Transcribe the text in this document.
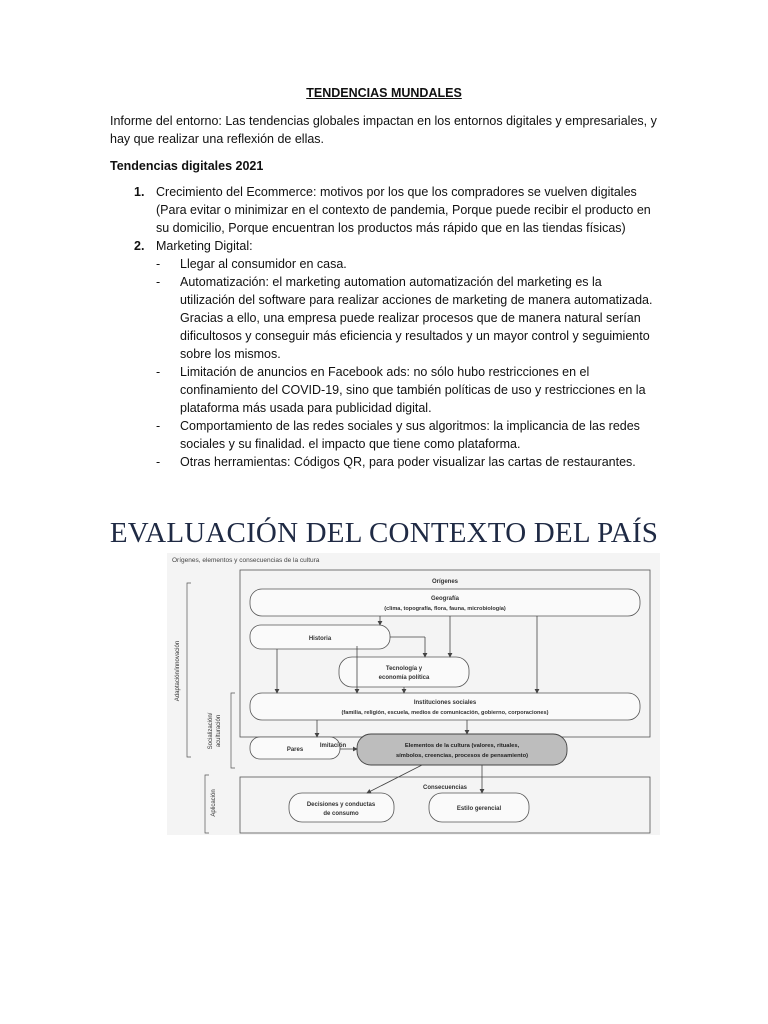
TENDENCIAS MUNDALES
Informe del entorno: Las tendencias globales impactan en los entornos digitales y empresariales, y hay que realizar una reflexión de ellas.
Tendencias digitales 2021
1. Crecimiento del Ecommerce: motivos por los que los compradores se vuelven digitales (Para evitar o minimizar en el contexto de pandemia, Porque puede recibir el producto en su domicilio, Porque encuentran los productos más rápido que en las tiendas físicas)
2. Marketing Digital:
- Llegar al consumidor en casa.
- Automatización: el marketing automation automatización del marketing es la utilización del software para realizar acciones de marketing de manera automatizada. Gracias a ello, una empresa puede realizar procesos que de manera natural serían dificultosos y conseguir más eficiencia y resultados y un mayor control y seguimiento sobre los mismos.
- Limitación de anuncios en Facebook ads: no sólo hubo restricciones en el confinamiento del COVID-19, sino que también políticas de uso y restricciones en la plataforma más usada para publicidad digital.
- Comportamiento de las redes sociales y sus algoritmos: la implicancia de las redes sociales y su finalidad. el impacto que tiene como plataforma.
- Otras herramientas: Códigos QR, para poder visualizar las cartas de restaurantes.
EVALUACIÓN DEL CONTEXTO DEL PAÍS
Orígenes, elementos y consecuencias de la cultura
Orígenes
Consecuencias
Adaptación/innovación
Socialización/ aculturación
Aplicación
Geografía
(clima, topografía, flora, fauna, microbiología)
Historia
Tecnología y
economía política
Instituciones sociales
(familia, religión, escuela, medios de comunicación, gobierno, corporaciones)
Pares
Imitación	Elementos de la cultura (valores, rituales,
símbolos, creencias, procesos de pensamiento)
Decisiones y conductas
de consumo
Estilo gerencial
